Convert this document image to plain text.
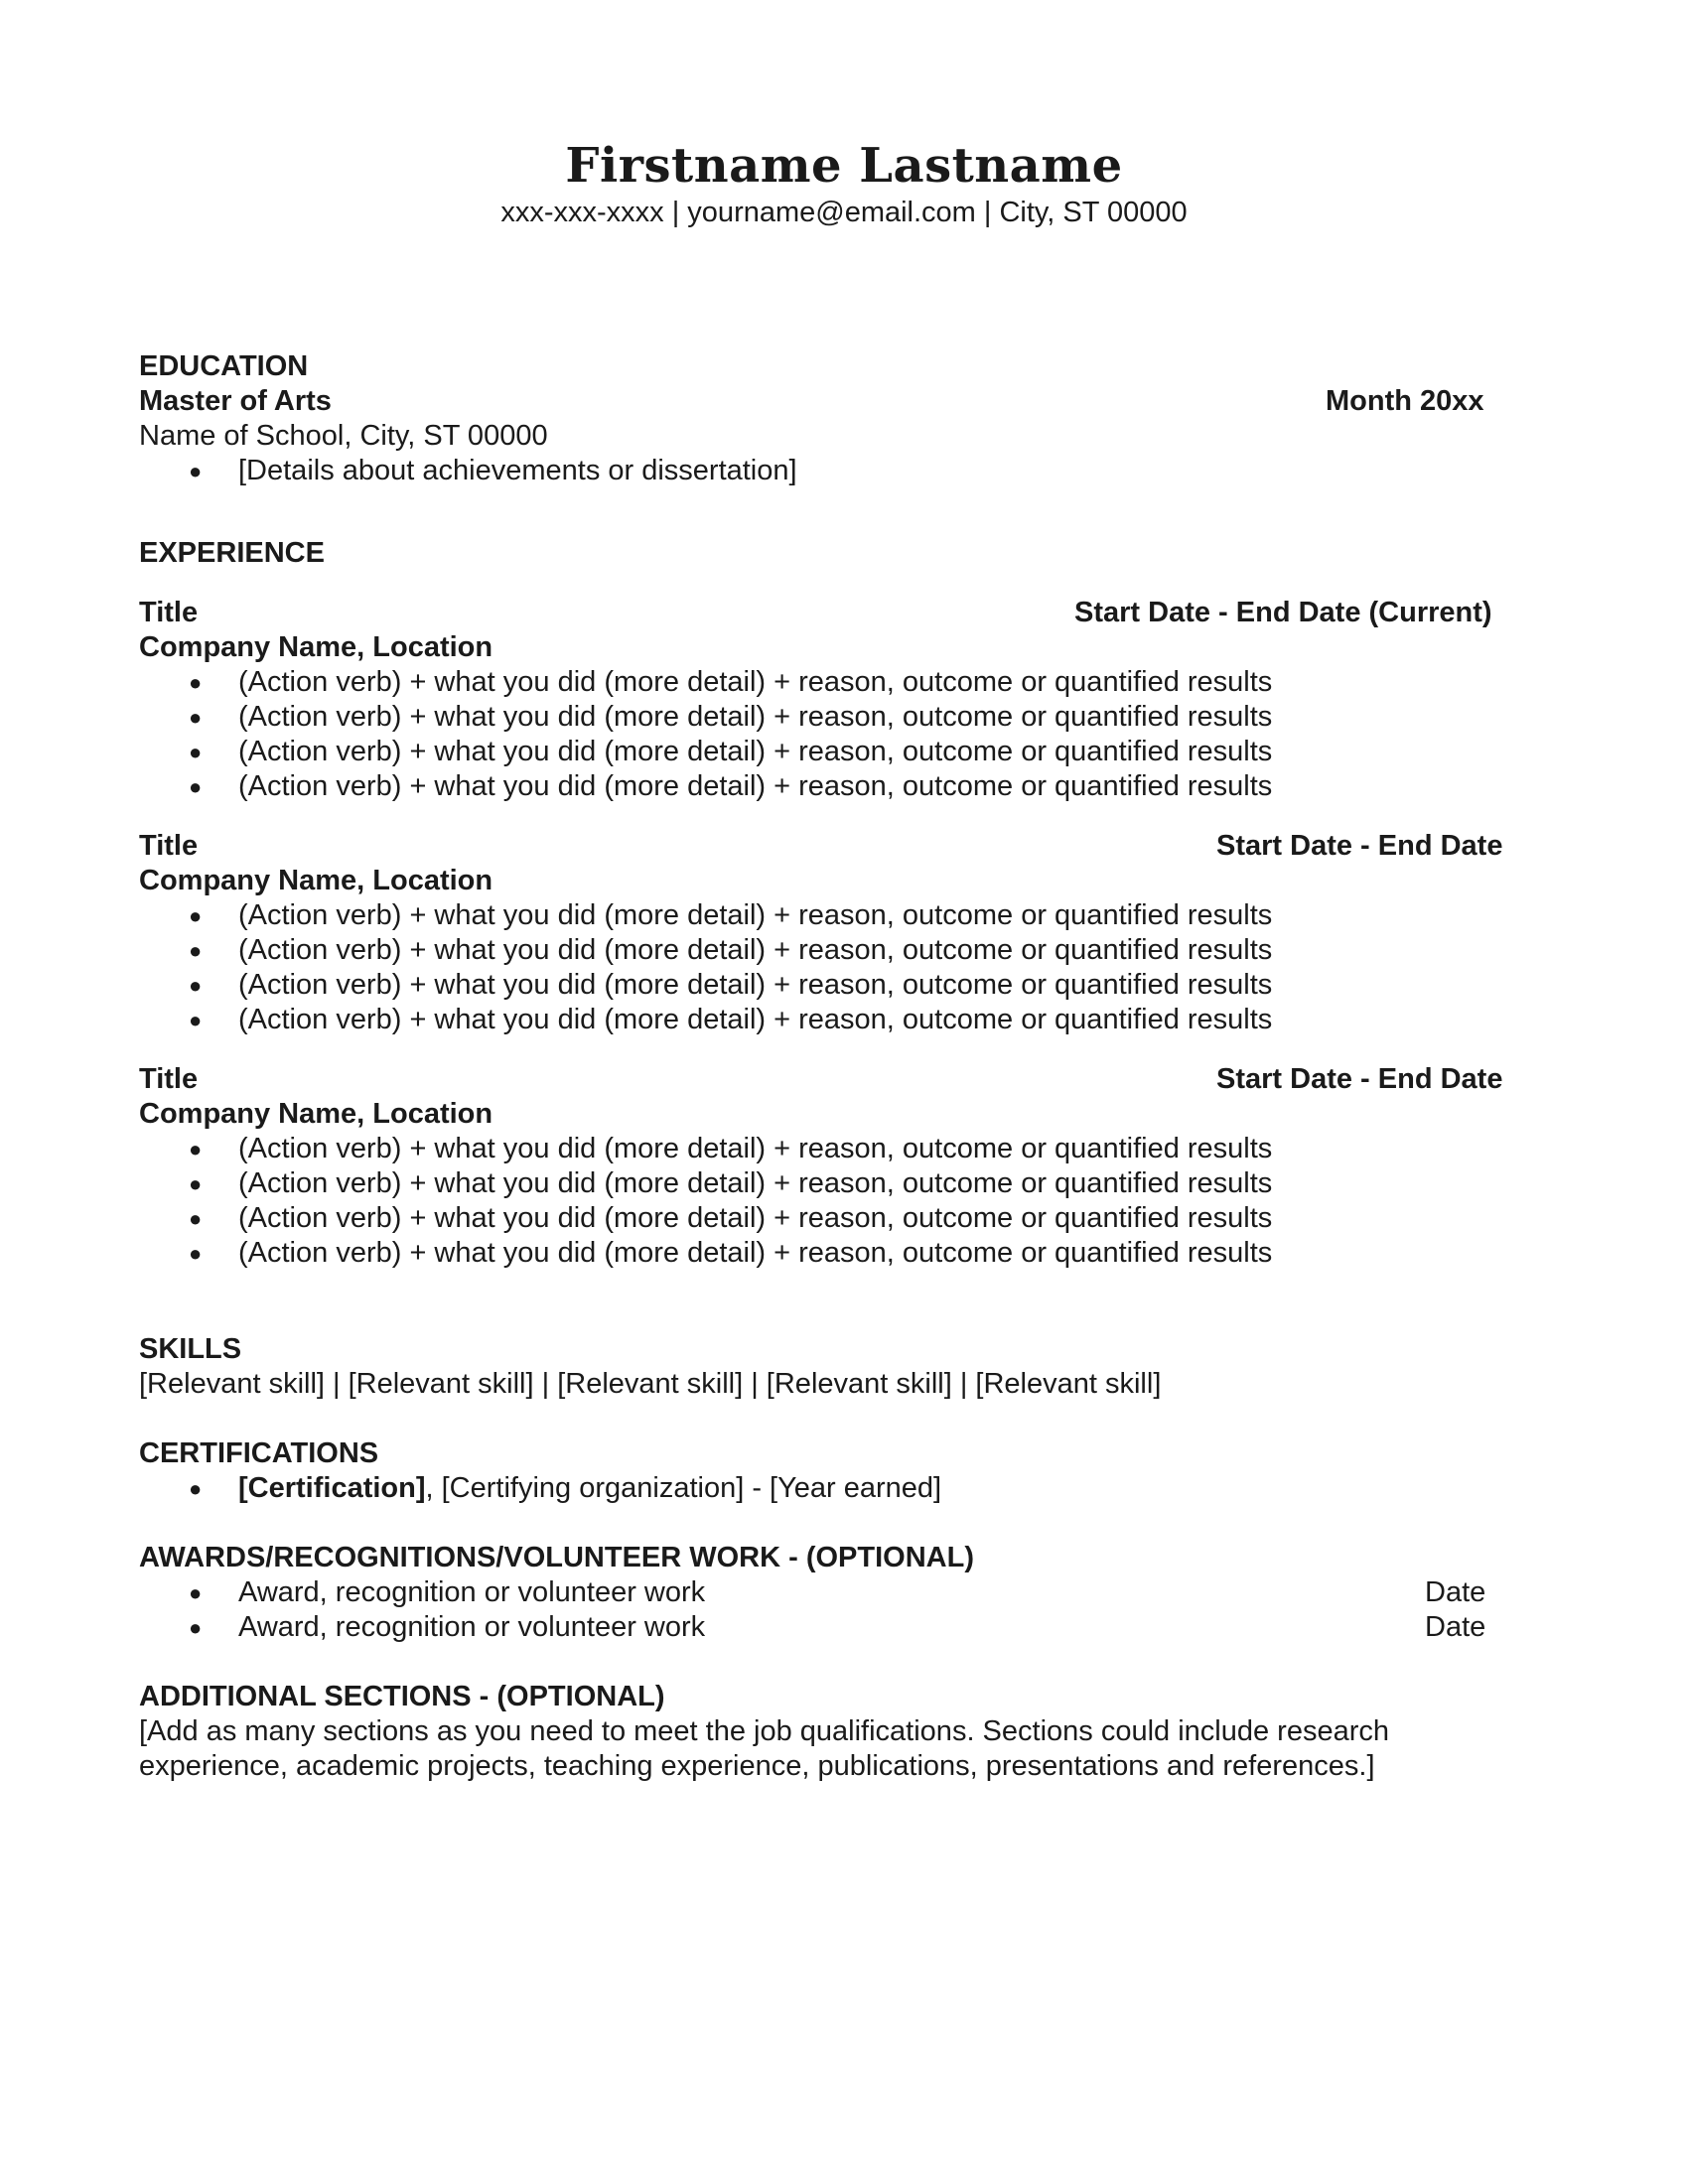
Firstname Lastname
xxx-xxx-xxxx | yourname@email.com | City, ST 00000
EDUCATION
Master of Arts	Month 20xx
Name of School, City, ST 00000
● [Details about achievements or dissertation]
EXPERIENCE
Title	Start Date - End Date (Current)
Company Name, Location
● (Action verb) + what you did (more detail) + reason, outcome or quantified results
● (Action verb) + what you did (more detail) + reason, outcome or quantified results
● (Action verb) + what you did (more detail) + reason, outcome or quantified results
● (Action verb) + what you did (more detail) + reason, outcome or quantified results
Title	Start Date - End Date
Company Name, Location
● (Action verb) + what you did (more detail) + reason, outcome or quantified results
● (Action verb) + what you did (more detail) + reason, outcome or quantified results
● (Action verb) + what you did (more detail) + reason, outcome or quantified results
● (Action verb) + what you did (more detail) + reason, outcome or quantified results
Title	Start Date - End Date
Company Name, Location
● (Action verb) + what you did (more detail) + reason, outcome or quantified results
● (Action verb) + what you did (more detail) + reason, outcome or quantified results
● (Action verb) + what you did (more detail) + reason, outcome or quantified results
● (Action verb) + what you did (more detail) + reason, outcome or quantified results
SKILLS
[Relevant skill] | [Relevant skill] | [Relevant skill] | [Relevant skill] | [Relevant skill]
CERTIFICATIONS
● [Certification], [Certifying organization] - [Year earned]
AWARDS/RECOGNITIONS/VOLUNTEER WORK - (OPTIONAL)
● Award, recognition or volunteer work	Date
● Award, recognition or volunteer work	Date
ADDITIONAL SECTIONS - (OPTIONAL)
[Add as many sections as you need to meet the job qualifications. Sections could include research
experience, academic projects, teaching experience, publications, presentations and references.]
